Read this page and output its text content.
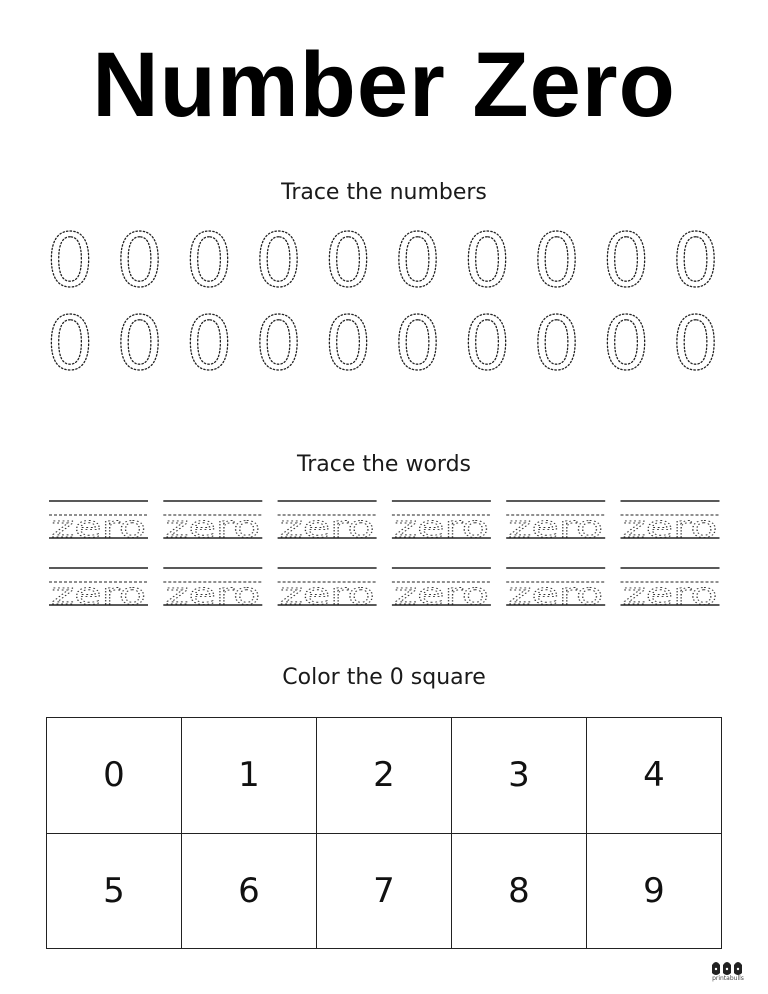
Number Zero
Trace the numbers
0 0 0 0 0 0 0 0 0 0
0 0 0 0 0 0 0 0 0 0
Trace the words
zero zero zero zero zero zero
zero zero zero zero zero zero
Color the 0 square
0	1	2	3	4
5	6	7	8	9
printabulls
